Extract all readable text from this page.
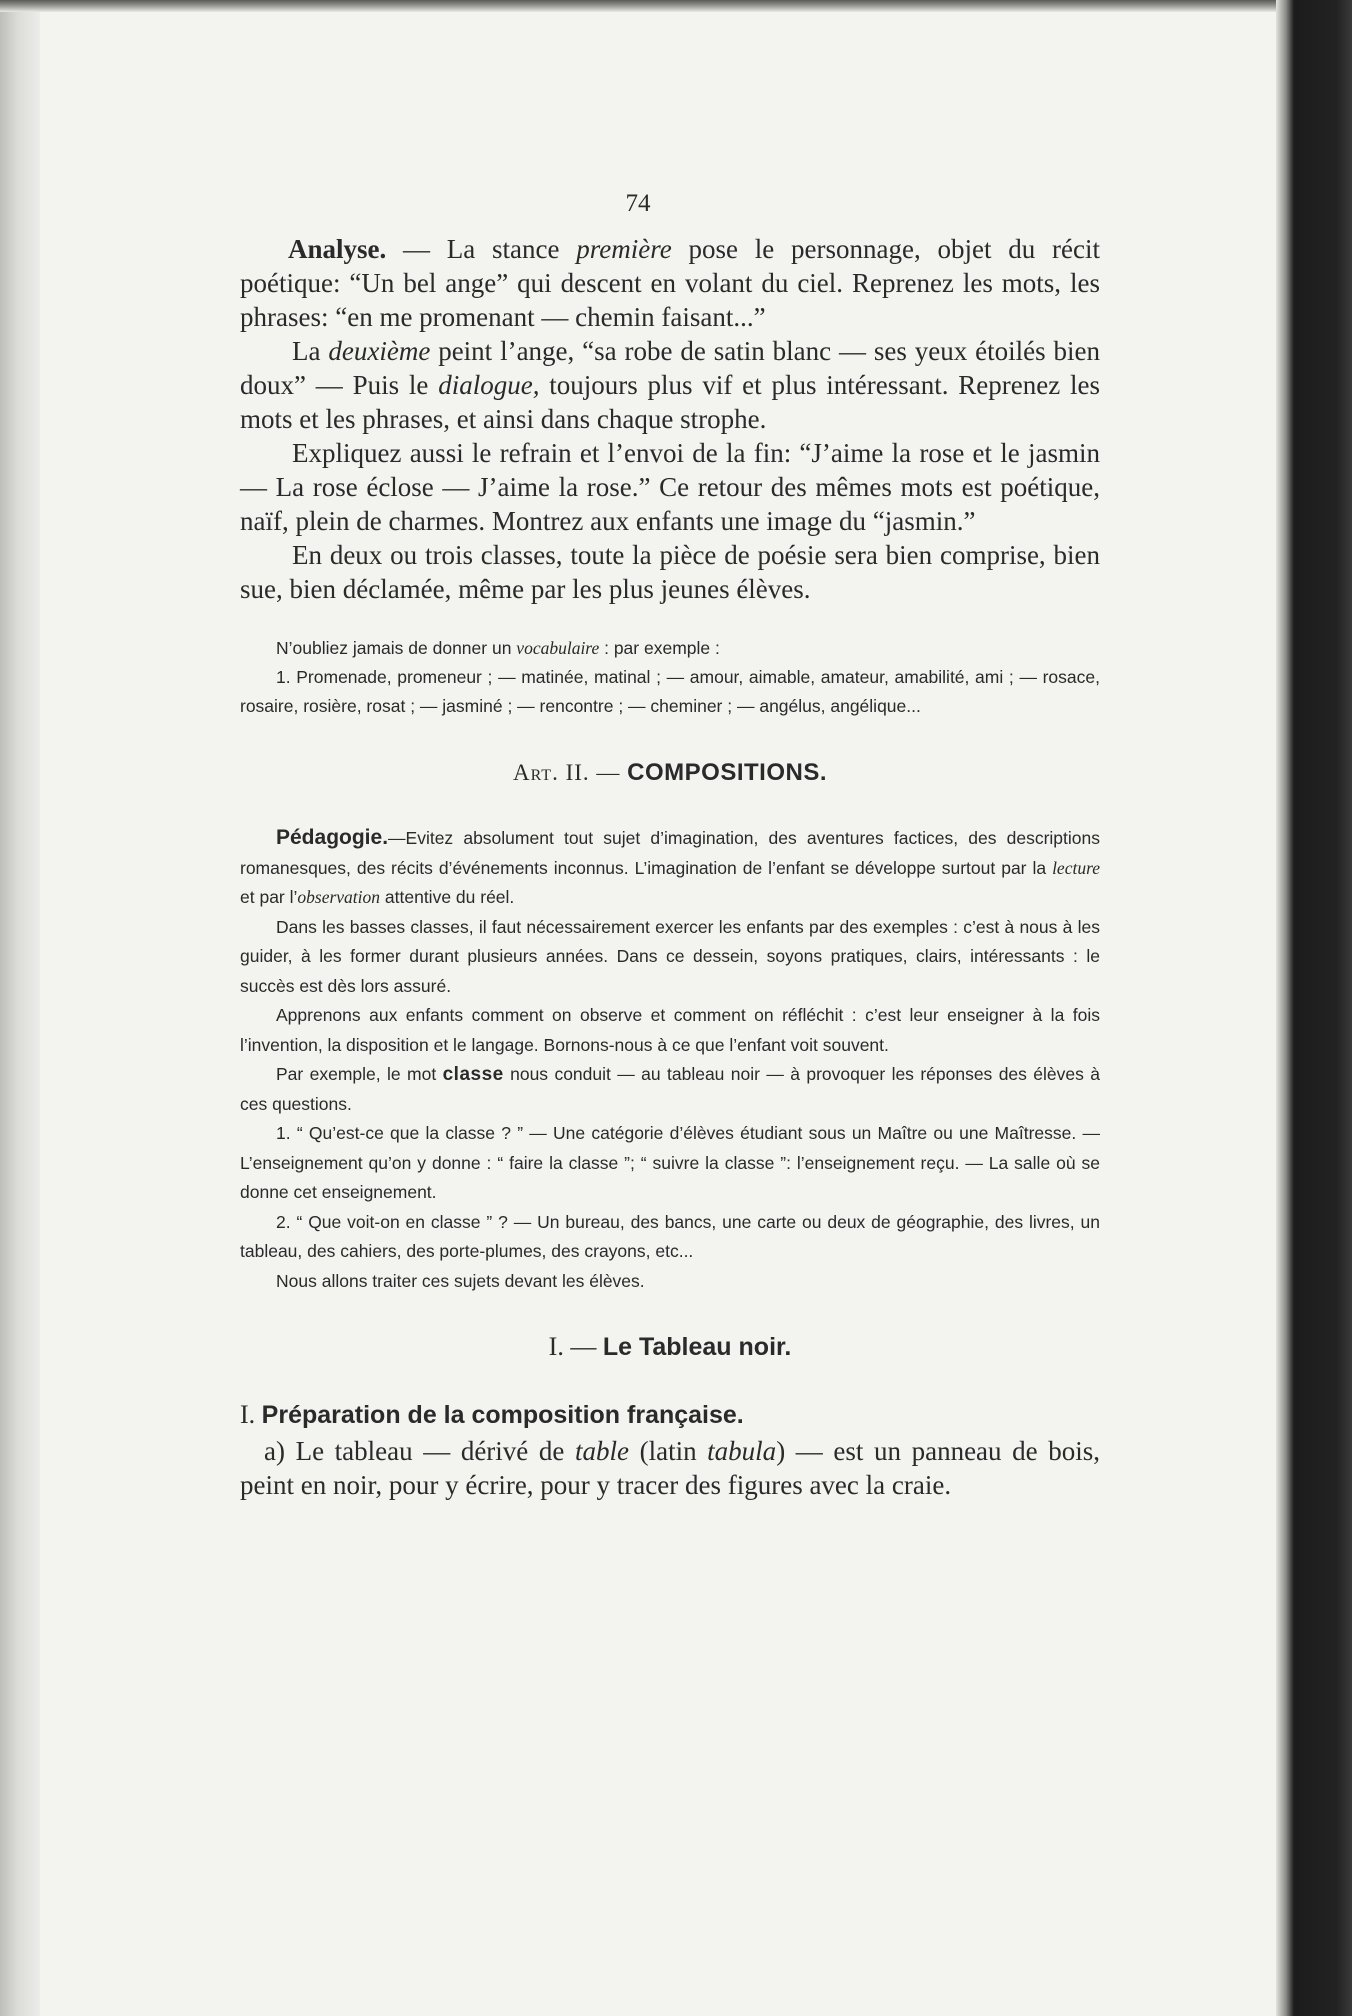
74

Analyse. — La stance première pose le personnage, objet du récit poétique: “Un bel ange” qui descent en volant du ciel. Reprenez les mots, les phrases: “en me promenant — chemin faisant...”

La deuxième peint l’ange, “sa robe de satin blanc — ses yeux étoilés bien doux” — Puis le dialogue, toujours plus vif et plus intéressant. Reprenez les mots et les phrases, et ainsi dans chaque strophe.

Expliquez aussi le refrain et l’envoi de la fin: “J’aime la rose et le jasmin — La rose éclose — J’aime la rose.” Ce retour des mêmes mots est poétique, naïf, plein de charmes. Montrez aux enfants une image du “jasmin.”

En deux ou trois classes, toute la pièce de poésie sera bien comprise, bien sue, bien déclamée, même par les plus jeunes élèves.

N’oubliez jamais de donner un vocabulaire : par exemple :

1. Promenade, promeneur ; — matinée, matinal ; — amour, aimable, amateur, amabilité, ami ; — rosace, rosaire, rosière, rosat ; — jasminé ; — rencontre ; — cheminer ; — angélus, angélique...

Art. II. — COMPOSITIONS.

Pédagogie.—Evitez absolument tout sujet d’imagination, des aventures factices, des descriptions romanesques, des récits d’événements inconnus. L’imagination de l’enfant se développe surtout par la lecture et par l’observation attentive du réel.

Dans les basses classes, il faut nécessairement exercer les enfants par des exemples : c’est à nous à les guider, à les former durant plusieurs années. Dans ce dessein, soyons pratiques, clairs, intéressants : le succès est dès lors assuré.

Apprenons aux enfants comment on observe et comment on réfléchit : c’est leur enseigner à la fois l’invention, la disposition et le langage. Bornons-nous à ce que l’enfant voit souvent.

Par exemple, le mot classe nous conduit — au tableau noir — à provoquer les réponses des élèves à ces questions.

1. “ Qu’est-ce que la classe ? ” — Une catégorie d’élèves étudiant sous un Maître ou une Maîtresse. — L’enseignement qu’on y donne : “ faire la classe ”; “ suivre la classe ”: l’enseignement reçu. — La salle où se donne cet enseignement.

2. “ Que voit-on en classe ” ? — Un bureau, des bancs, une carte ou deux de géographie, des livres, un tableau, des cahiers, des porte-plumes, des crayons, etc...

Nous allons traiter ces sujets devant les élèves.

I. — Le Tableau noir.
I. Préparation de la composition française.

a) Le tableau — dérivé de table (latin tabula) — est un panneau de bois, peint en noir, pour y écrire, pour y tracer des figures avec la craie.
